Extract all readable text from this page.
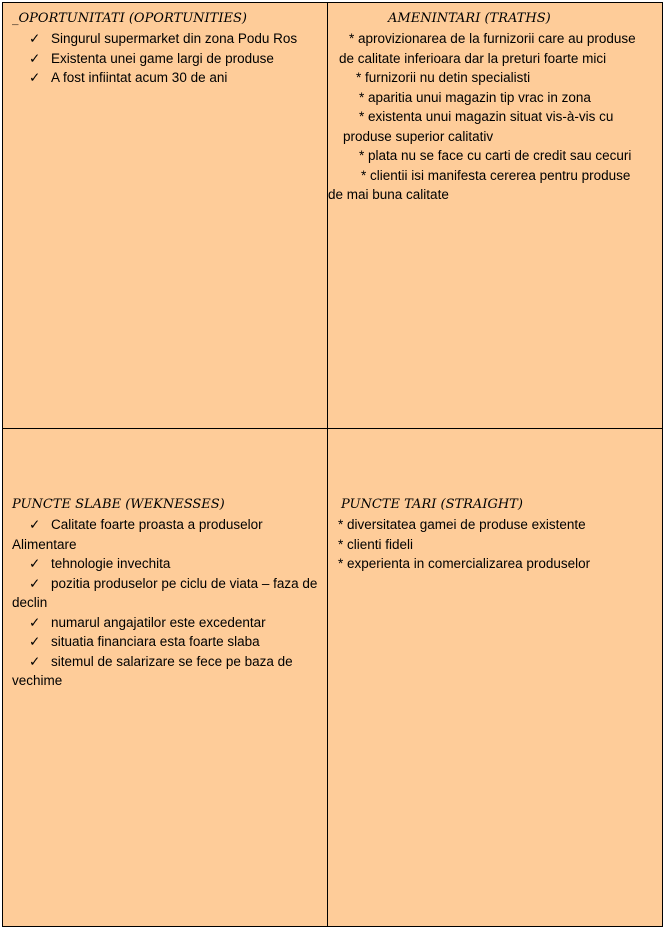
_OPORTUNITATI (OPORTUNITIES)
✓ Singurul supermarket din zona Podu Ros
✓ Existenta unei game largi de produse
✓ A fost infiintat acum 30 de ani
AMENINTARI (TRATHS)
* aprovizionarea de la furnizorii care au produse de calitate inferioara dar la preturi foarte mici
* furnizorii nu detin specialisti
* aparitia unui magazin tip vrac in zona
* existenta unui magazin situat vis-à-vis cu produse superior calitativ
* plata nu se face cu carti de credit sau cecuri
* clientii isi manifesta cererea pentru produse de mai buna calitate
PUNCTE SLABE (WEKNESSES)
✓ Calitate foarte proasta a produselor Alimentare
✓ tehnologie invechita
✓ pozitia produselor pe ciclu de viata – faza de declin
✓ numarul angajatilor este excedentar
✓ situatia financiara esta foarte slaba
✓ sitemul de salarizare se fece pe baza de vechime
PUNCTE TARI (STRAIGHT)
* diversitatea gamei de produse existente
* clienti fideli
* experienta in comercializarea produselor
